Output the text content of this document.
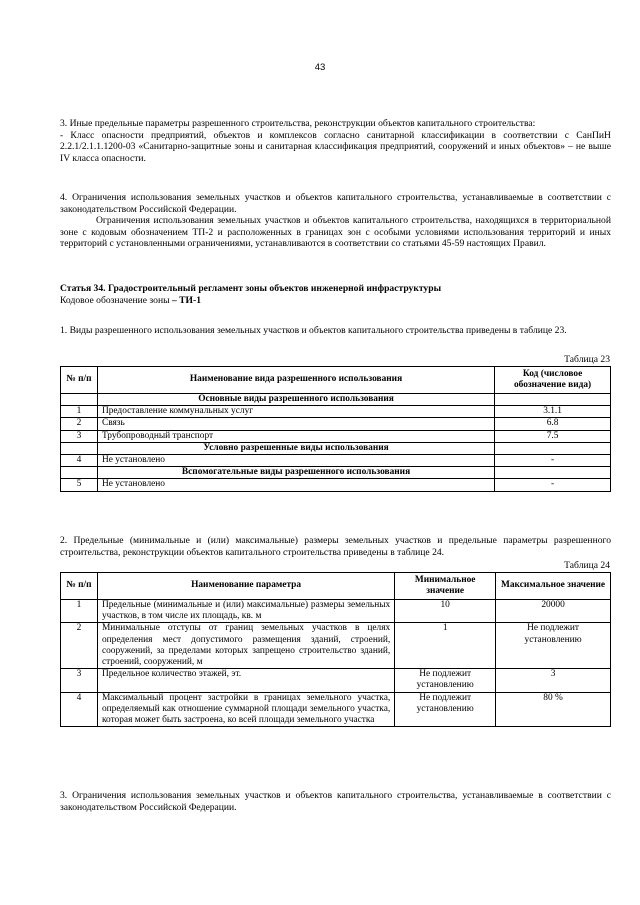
43

3. Иные предельные параметры разрешенного строительства, реконструкции объектов капитального строительства:
- Класс опасности предприятий, объектов и комплексов согласно санитарной классификации в соответствии с СанПиН 2.2.1/2.1.1.1200-03 «Санитарно-защитные зоны и санитарная классификация предприятий, сооружений и иных объектов» – не выше IV класса опасности.

4. Ограничения использования земельных участков и объектов капитального строительства, устанавливаемые в соответствии с законодательством Российской Федерации.
Ограничения использования земельных участков и объектов капитального строительства, находящихся в территориальной зоне с кодовым обозначением ТП-2 и расположенных в границах зон с особыми условиями использования территорий и иных территорий с установленными ограничениями, устанавливаются в соответствии со статьями 45-59 настоящих Правил.

Статья 34. Градостроительный регламент зоны объектов инженерной инфраструктуры
Кодовое обозначение зоны – ТИ-1

1. Виды разрешенного использования земельных участков и объектов капитального строительства приведены в таблице 23.

Таблица 23
№ п/п	Наименование вида разрешенного использования	Код (числовое обозначение вида)
	Основные виды разрешенного использования	
1	Предоставление коммунальных услуг	3.1.1
2	Связь	6.8
3	Трубопроводный транспорт	7.5
	Условно разрешенные виды использования	
4	Не установлено	-
	Вспомогательные виды разрешенного использования	
5	Не установлено	-

2. Предельные (минимальные и (или) максимальные) размеры земельных участков и предельные параметры разрешенного строительства, реконструкции объектов капитального строительства приведены в таблице 24.

Таблица 24
№ п/п	Наименование параметра	Минимальное значение	Максимальное значение
1	Предельные (минимальные и (или) максимальные) размеры земельных участков, в том числе их площадь, кв. м	10	20000
2	Минимальные отступы от границ земельных участков в целях определения мест допустимого размещения зданий, строений, сооружений, за пределами которых запрещено строительство зданий, строений, сооружений, м	1	Не подлежит установлению
3	Предельное количество этажей, эт.	Не подлежит установлению	3
4	Максимальный процент застройки в границах земельного участка, определяемый как отношение суммарной площади земельного участка, которая может быть застроена, ко всей площади земельного участка	Не подлежит установлению	80 %

3. Ограничения использования земельных участков и объектов капитального строительства, устанавливаемые в соответствии с законодательством Российской Федерации.
